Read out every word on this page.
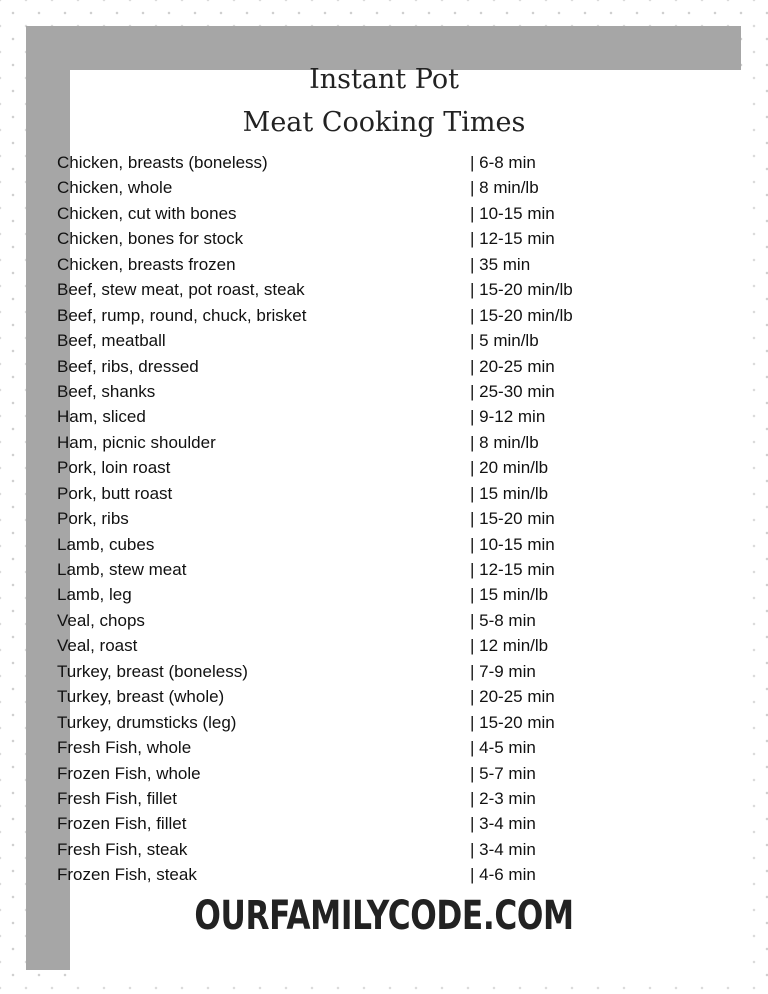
Instant Pot
Meat Cooking Times
Chicken, breasts (boneless)	| 6-8 min
Chicken, whole	| 8 min/lb
Chicken, cut with bones	| 10-15 min
Chicken, bones for stock	| 12-15 min
Chicken, breasts frozen	| 35 min
Beef, stew meat, pot roast, steak	| 15-20 min/lb
Beef, rump, round, chuck, brisket	| 15-20 min/lb
Beef, meatball	| 5 min/lb
Beef, ribs, dressed	| 20-25 min
Beef, shanks	| 25-30 min
Ham, sliced	| 9-12 min
Ham, picnic shoulder	| 8 min/lb
Pork, loin roast	| 20 min/lb
Pork, butt roast	| 15 min/lb
Pork, ribs	| 15-20 min
Lamb, cubes	| 10-15 min
Lamb, stew meat	| 12-15 min
Lamb, leg	| 15 min/lb
Veal, chops	| 5-8 min
Veal, roast	| 12 min/lb
Turkey, breast (boneless)	| 7-9 min
Turkey, breast (whole)	| 20-25 min
Turkey, drumsticks (leg)	| 15-20 min
Fresh Fish, whole	| 4-5 min
Frozen Fish, whole	| 5-7 min
Fresh Fish, fillet	| 2-3 min
Frozen Fish, fillet	| 3-4 min
Fresh Fish, steak	| 3-4 min
Frozen Fish, steak	| 4-6 min
OURFAMILYCODE.COM
